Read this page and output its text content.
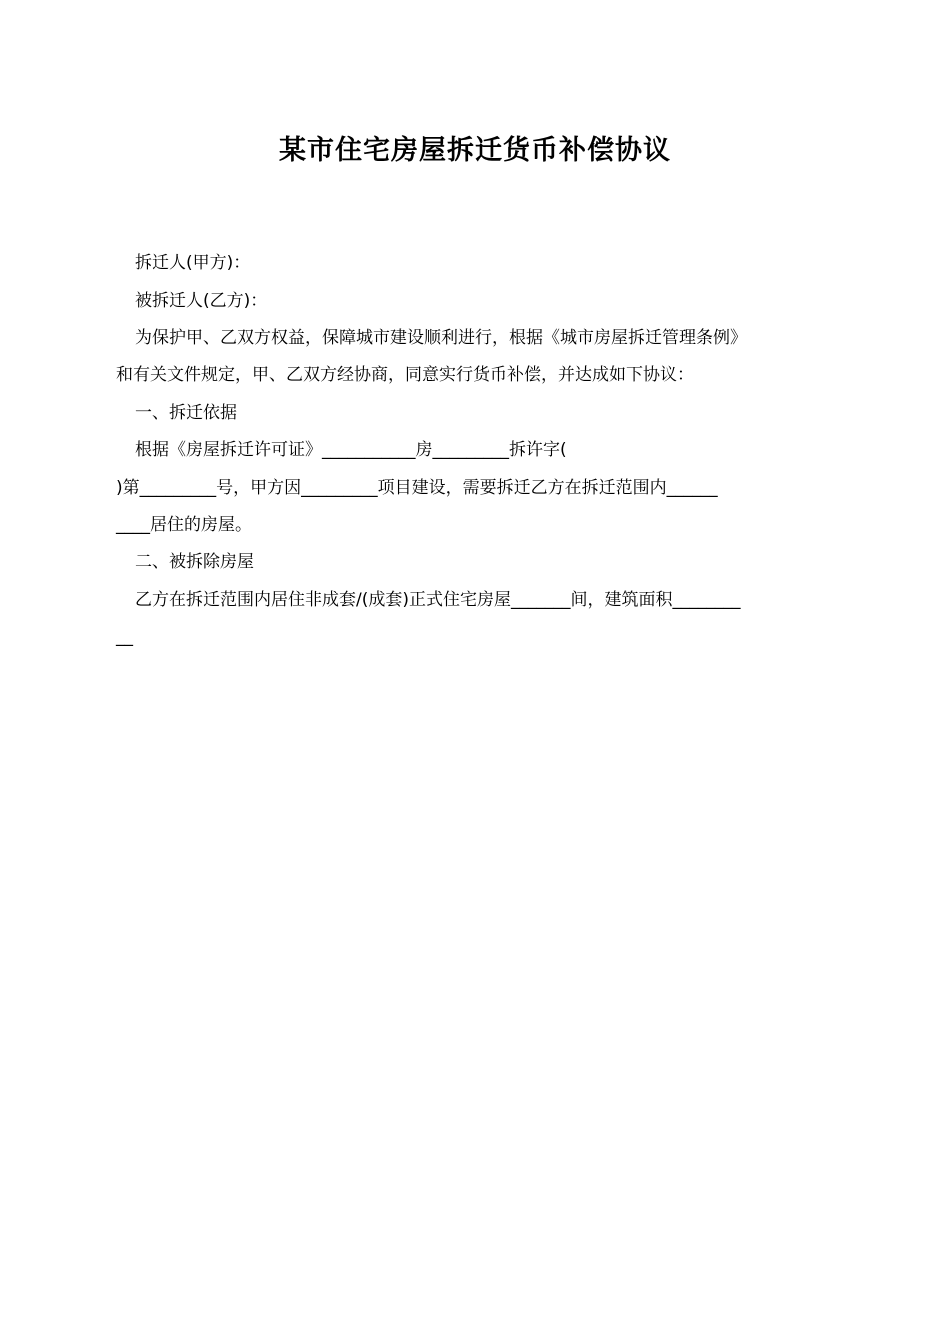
某市住宅房屋拆迁货币补偿协议
拆迁人(甲方)：
被拆迁人(乙方)：
为保护甲、乙双方权益，保障城市建设顺利进行，根据《城市房屋拆迁管理条例》
和有关文件规定，甲、乙双方经协商，同意实行货币补偿，并达成如下协议：
一、拆迁依据
根据《房屋拆迁许可证》___________房_________拆许字(
)第_________号，甲方因_________项目建设，需要拆迁乙方在拆迁范围内______
____居住的房屋。
二、被拆除房屋
乙方在拆迁范围内居住非成套/(成套)正式住宅房屋_______间，建筑面积________
__
